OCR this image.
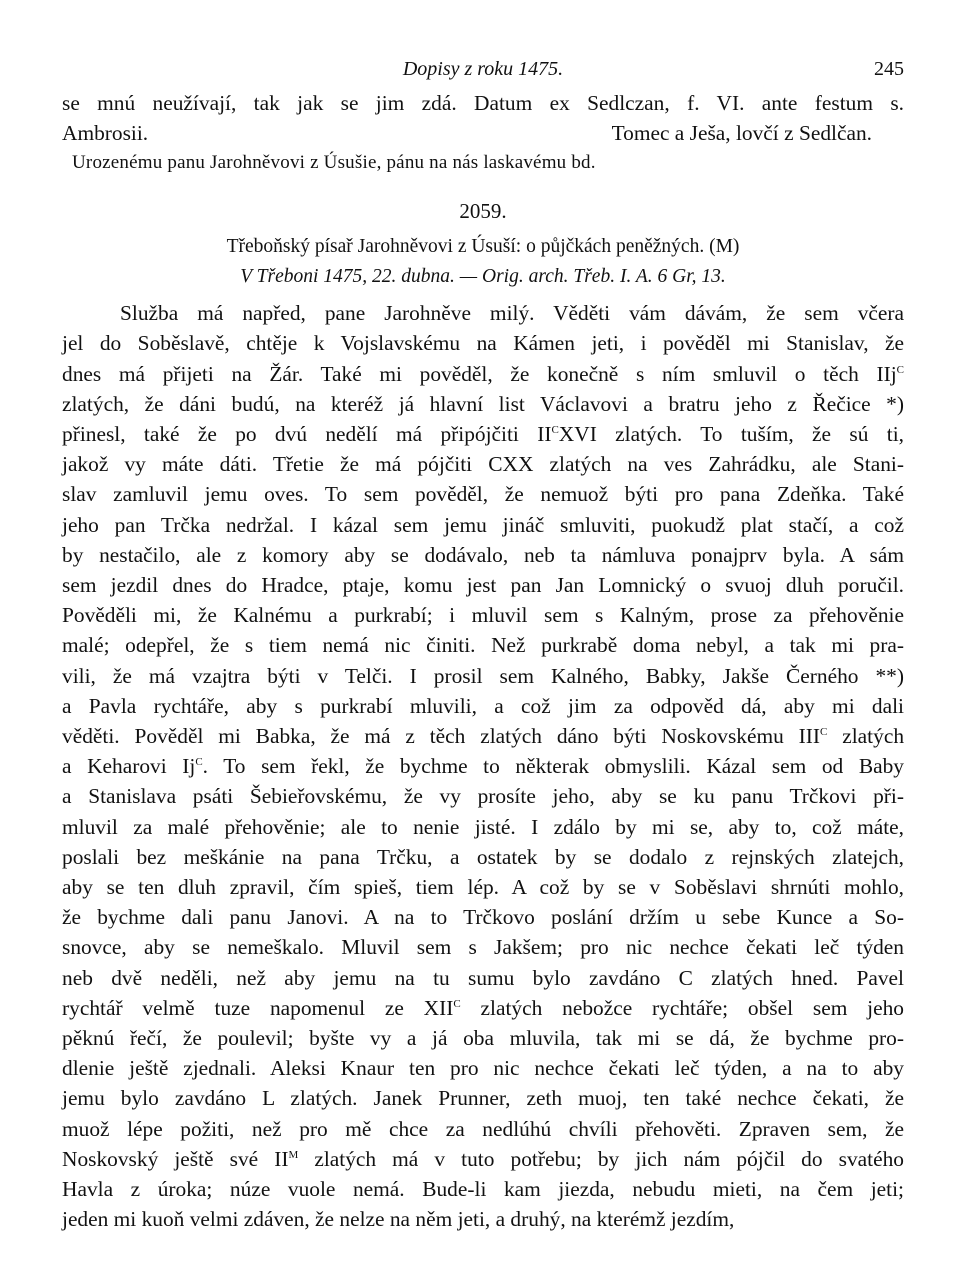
Dopisy z roku 1475.	245
se mnú neužívají, tak jak se jim zdá. Datum ex Sedlczan, f. VI. ante festum s.
Ambrosii.	Tomec a Ješa, lovčí z Sedlčan.
Urozenému panu Jarohněvovi z Úsušie, pánu na nás laskavému bd.
2059.
Třeboňský písař Jarohněvovi z Úsuší: o půjčkách peněžných. (M)
V Třeboni 1475, 22. dubna. — Orig. arch. Třeb. I. A. 6 Gr, 13.
Služba má napřed, pane Jarohněve milý. Věděti vám dávám, že sem včera
jel do Soběslavě, chtěje k Vojslavskému na Kámen jeti, i pověděl mi Stanislav, že
dnes má přijeti na Žár. Také mi pověděl, že konečně s ním smluvil o těch IIj$^C$
zlatých, že dáni budú, na kteréž já hlavní list Václavovi a bratru jeho z Řečice *)
přinesl, také že po dvú nedělí má připójčiti $II^CXVI$ zlatých. To tuším, že sú ti,
jakož vy máte dáti. Třetie že má pójčiti CXX zlatých na ves Zahrádku, ale Stani-
slav zamluvil jemu oves. To sem pověděl, že nemuož býti pro pana Zdeňka. Také
jeho pan Trčka nedržal. I kázal sem jemu jináč smluviti, puokudž plat stačí, a což
by nestačilo, ale z komory aby se dodávalo, neb ta námluva ponajprv byla. A sám
sem jezdil dnes do Hradce, ptaje, komu jest pan Jan Lomnický o svuoj dluh poručil.
Pověděli mi, že Kalnému a purkrabí; i mluvil sem s Kalným, prose za přehověnie
malé; odepřel, že s tiem nemá nic činiti. Než purkrabě doma nebyl, a tak mi pra-
vili, že má vzajtra býti v Telči. I prosil sem Kalného, Babky, Jakše Černého **)
a Pavla rychtáře, aby s purkrabí mluvili, a což jim za odpověd dá, aby mi dali
věděti. Pověděl mi Babka, že má z těch zlatých dáno býti Noskovskému $III^C$ zlatých
a Keharovi $Ij^C$. To sem řekl, že bychme to některak obmyslili. Kázal sem od Baby
a Stanislava psáti Šebieřovskému, že vy prosíte jeho, aby se ku panu Trčkovi při-
mluvil za malé přehověnie; ale to nenie jisté. I zdálo by mi se, aby to, což máte,
poslali bez meškánie na pana Trčku, a ostatek by se dodalo z rejnských zlatejch,
aby se ten dluh zpravil, čím spieš, tiem lép. A což by se v Soběslavi shrnúti mohlo,
že bychme dali panu Janovi. A na to Trčkovo poslání držím u sebe Kunce a So-
snovce, aby se nemeškalo. Mluvil sem s Jakšem; pro nic nechce čekati leč týden
neb dvě neděli, než aby jemu na tu sumu bylo zavdáno C zlatých hned. Pavel
rychtář velmě tuze napomenul ze $XII^C$ zlatých nebožce rychtáře; obšel sem jeho
pěknú řečí, že poulevil; byšte vy a já oba mluvila, tak mi se dá, že bychme pro-
dlenie ještě zjednali. Aleksi Knaur ten pro nic nechce čekati leč týden, a na to aby
jemu bylo zavdáno L zlatých. Janek Prunner, zeth muoj, ten také nechce čekati, že
muož lépe požiti, než pro mě chce za nedlúhú chvíli přehověti. Zpraven sem, že
Noskovský ještě své $II^M$ zlatých má v tuto potřebu; by jich nám pójčil do svatého
Havla z úroka; núze vuole nemá. Bude-li kam jiezda, nebudu mieti, na čem jeti;
jeden mi kuoň velmi zdáven, že nelze na něm jeti, a druhý, na kterémž jezdím,
